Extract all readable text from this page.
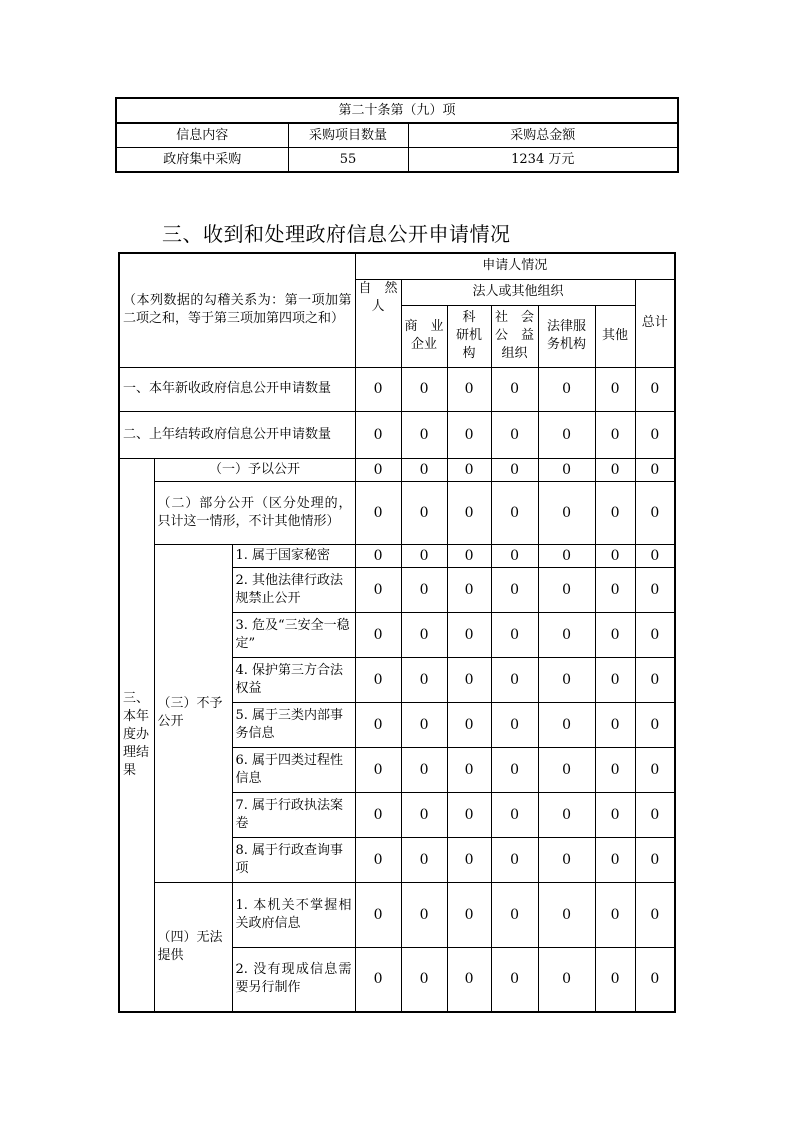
第二十条第（九）项		
信息内容	采购项目数量	采购总金额
政府集中采购	55	1234 万元
三、收到和处理政府信息公开申请情况
（本列数据的勾稽关系为：第一项加第二项之和，等于第三项加第四项之和）			申请人情况						
			自　然人	法人或其他组织					总计
				商　业企业	科　研机构	社　会公　益组织	法律服务机构	其他	
一、本年新收政府信息公开申请数量			0	0	0	0	0	0	0
二、上年结转政府信息公开申请数量			0	0	0	0	0	0	0
三、本年度办理结果	（一）予以公开		0	0	0	0	0	0	0
	（二）部分公开（区分处理的，只计这一情形，不计其他情形）		0	0	0	0	0	0	0
	（三）不予公开	1. 属于国家秘密	0	0	0	0	0	0	0
		2. 其他法律行政法规禁止公开	0	0	0	0	0	0	0
		3. 危及“三安全一稳定”	0	0	0	0	0	0	0
		4. 保护第三方合法权益	0	0	0	0	0	0	0
		5. 属于三类内部事务信息	0	0	0	0	0	0	0
		6. 属于四类过程性信息	0	0	0	0	0	0	0
		7. 属于行政执法案卷	0	0	0	0	0	0	0
		8. 属于行政查询事项	0	0	0	0	0	0	0
	（四）无法提供	1. 本机关不掌握相关政府信息	0	0	0	0	0	0	0
		2. 没有现成信息需要另行制作	0	0	0	0	0	0	0
